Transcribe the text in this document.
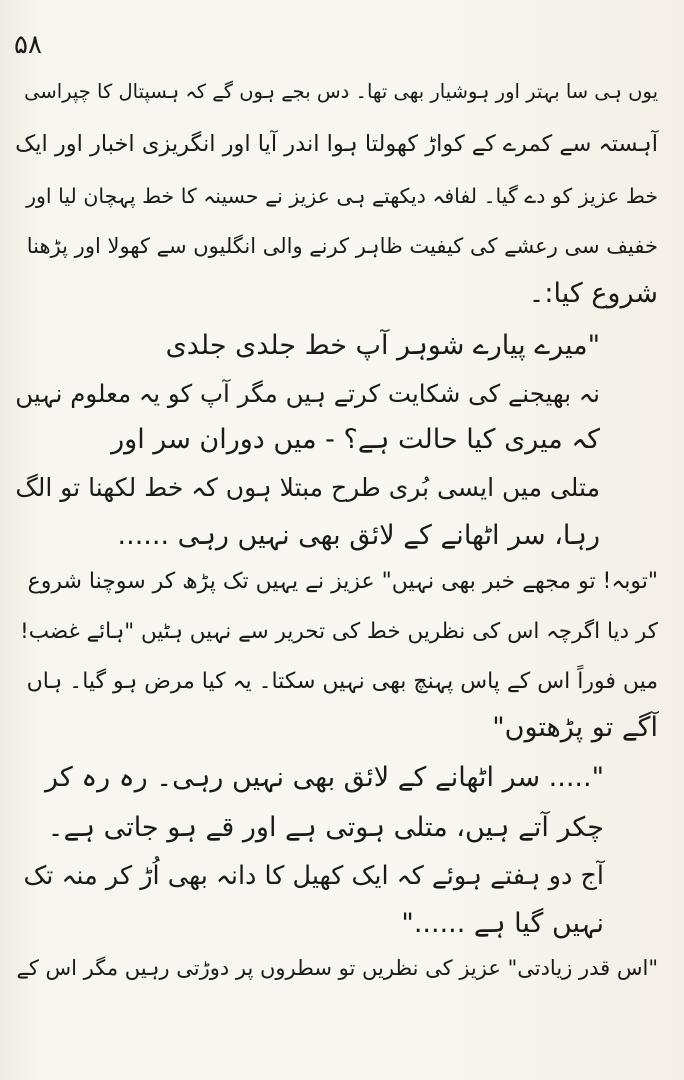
۵۸
یوں ہی سا بہتر اور ہوشیار بھی تھا۔ دس بجے ہوں گے کہ ہسپتال کا چپراسی
آہستہ سے کمرے کے کواڑ کھولتا ہوا اندر آیا اور انگریزی اخبار اور ایک
خط عزیز کو دے گیا۔ لفافہ دیکھتے ہی عزیز نے حسینہ کا خط پہچان لیا اور
خفیف سی رعشے کی کیفیت ظاہر کرنے والی انگلیوں سے کھولا اور پڑھنا
شروع کیا:۔
"میرے پیارے شوہر آپ خط جلدی جلدی
نہ بھیجنے کی شکایت کرتے ہیں مگر آپ کو یہ معلوم نہیں
کہ میری کیا حالت ہے؟ - میں دوران سر اور
متلی میں ایسی بُری طرح مبتلا ہوں کہ خط لکھنا تو الگ
رہا، سر اٹھانے کے لائق بھی نہیں رہی ......
"توبہ! تو مجھے خبر بھی نہیں" عزیز نے یہیں تک پڑھ کر سوچنا شروع
کر دیا اگرچہ اس کی نظریں خط کی تحریر سے نہیں ہٹیں "ہائے غضب!
میں فوراً اس کے پاس پہنچ بھی نہیں سکتا۔ یہ کیا مرض ہو گیا۔ ہاں
آگے تو پڑھتوں"
"..... سر اٹھانے کے لائق بھی نہیں رہی۔ رہ رہ کر
چکر آتے ہیں، متلی ہوتی ہے اور قے ہو جاتی ہے۔
آج دو ہفتے ہوئے کہ ایک کھیل کا دانہ بھی اُڑ کر منہ تک
نہیں گیا ہے ......"
"اس قدر زیادتی" عزیز کی نظریں تو سطروں پر دوڑتی رہیں مگر اس کے
